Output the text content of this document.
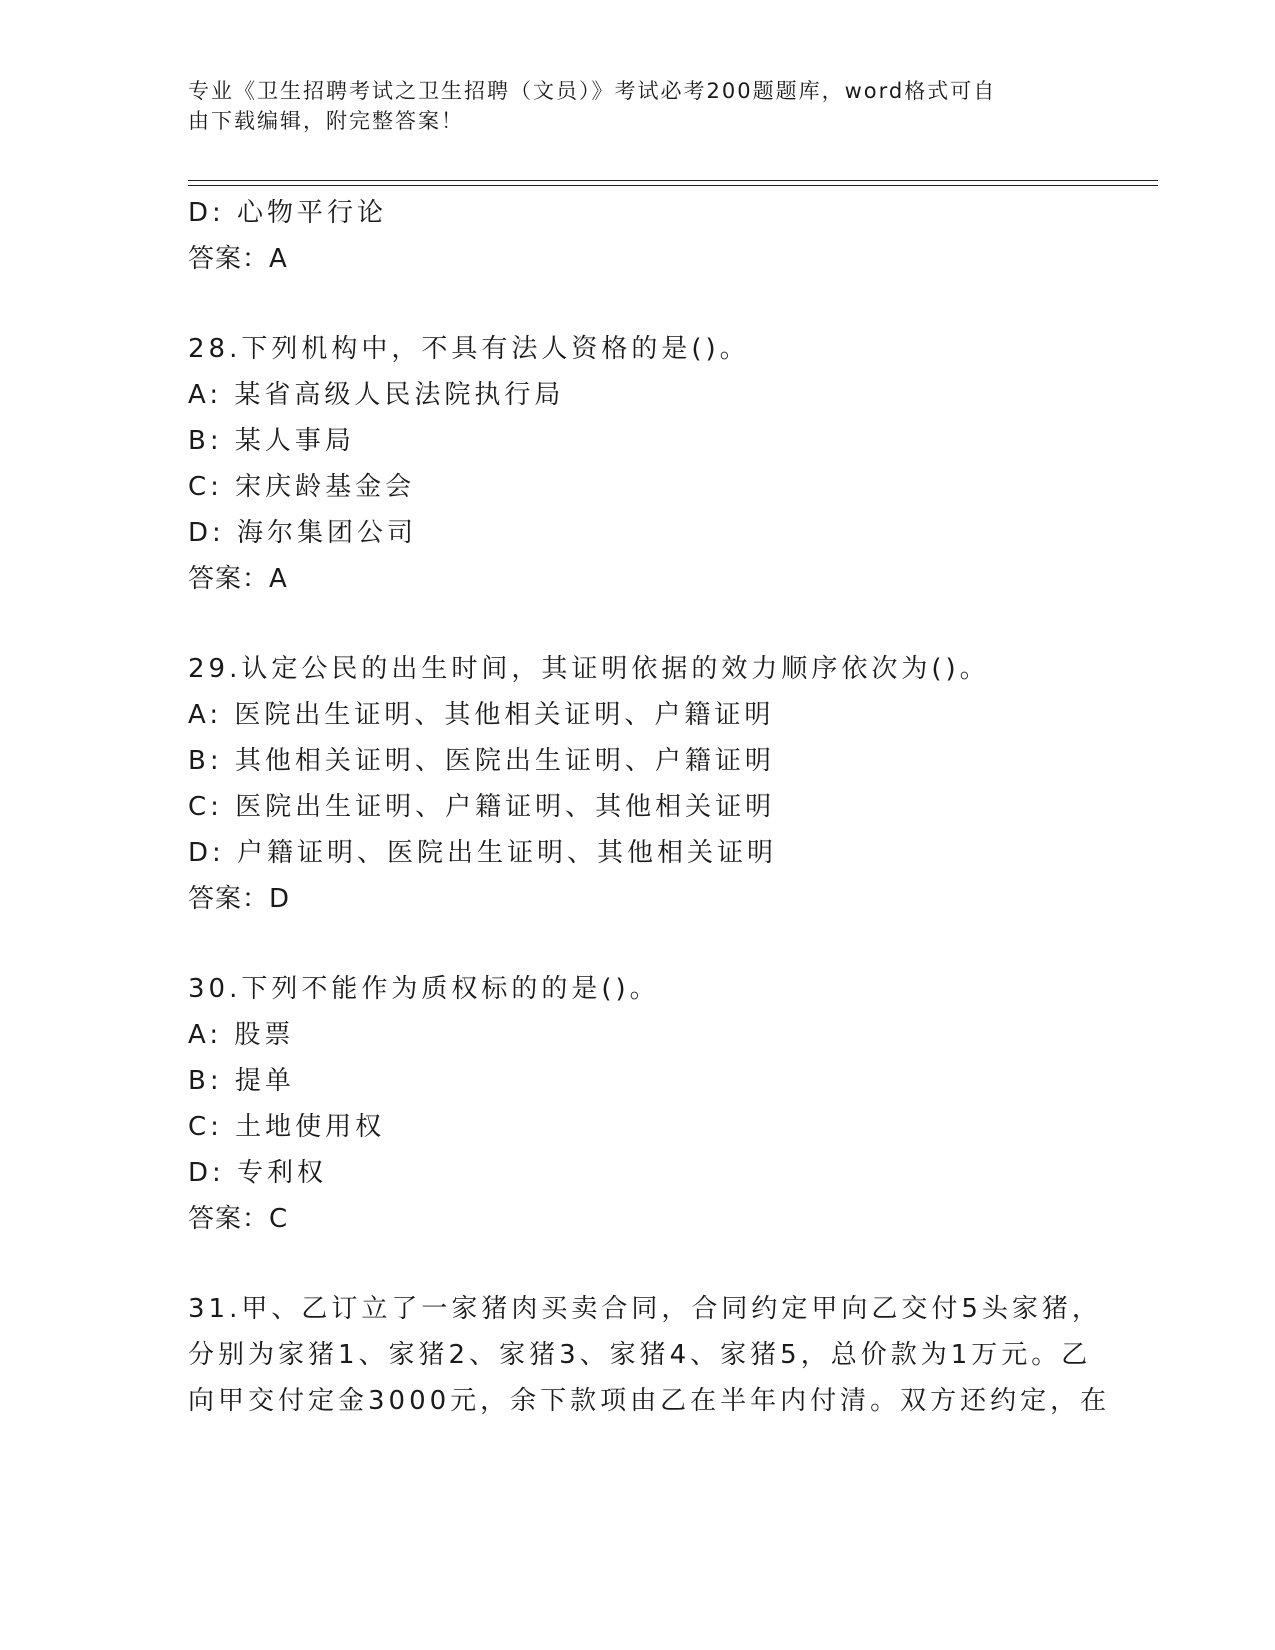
专业《卫生招聘考试之卫生招聘（文员）》考试必考200题题库，word格式可自
由下载编辑，附完整答案！
D: 心物平行论
答案：A
28.下列机构中，不具有法人资格的是()。
A: 某省高级人民法院执行局
B: 某人事局
C: 宋庆龄基金会
D: 海尔集团公司
答案：A
29.认定公民的出生时间，其证明依据的效力顺序依次为()。
A: 医院出生证明、其他相关证明、户籍证明
B: 其他相关证明、医院出生证明、户籍证明
C: 医院出生证明、户籍证明、其他相关证明
D: 户籍证明、医院出生证明、其他相关证明
答案：D
30.下列不能作为质权标的的是()。
A: 股票
B: 提单
C: 土地使用权
D: 专利权
答案：C
31.甲、乙订立了一家猪肉买卖合同，合同约定甲向乙交付5头家猪，
分别为家猪1、家猪2、家猪3、家猪4、家猪5，总价款为1万元。乙
向甲交付定金3000元，余下款项由乙在半年内付清。双方还约定，在
